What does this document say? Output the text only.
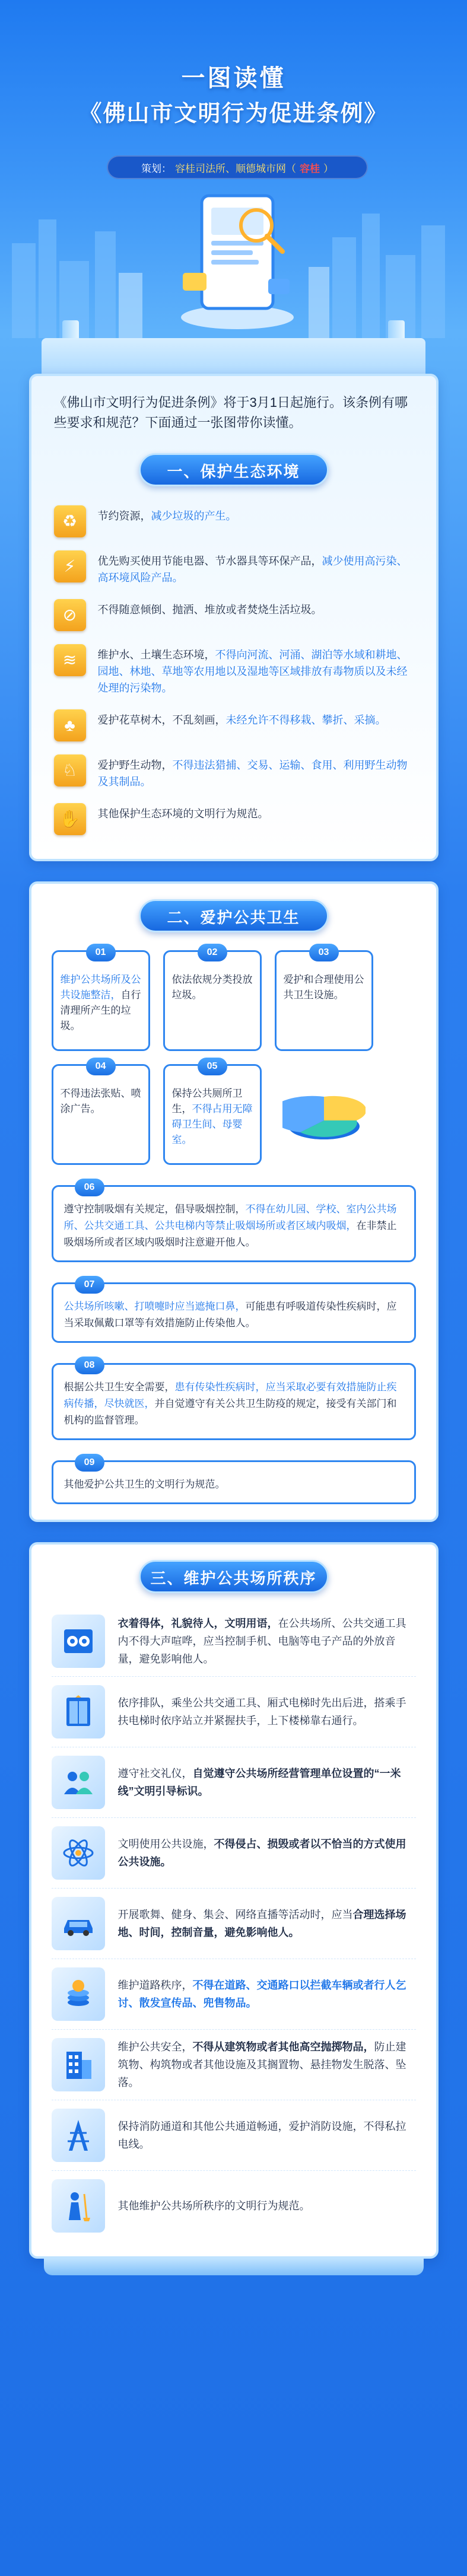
一图读懂
《佛山市文明行为促进条例》
策划： 容桂司法所、顺德城市网（ 容桂 ）

《佛山市文明行为促进条例》将于3月1日起施行。该条例有哪些要求和规范？下面通过一张图带你读懂。

一、保护生态环境
♻	节约资源，减少垃圾的产生。
⚡	优先购买使用节能电器、节水器具等环保产品，减少使用高污染、高环境风险产品。
⊘	不得随意倾倒、抛洒、堆放或者焚烧生活垃圾。
≋	维护水、土壤生态环境，不得向河流、河涌、湖泊等水域和耕地、园地、林地、草地等农用地以及湿地等区域排放有毒物质以及未经处理的污染物。
♣	爱护花草树木，不乱刻画，未经允许不得移栽、攀折、采摘。
♘	爱护野生动物，不得违法猎捕、交易、运输、食用、利用野生动物及其制品。
✋	其他保护生态环境的文明行为规范。
二、爱护公共卫生
01
维护公共场所及公共设施整洁，自行清理所产生的垃圾。
02
依法依规分类投放垃圾。
03
爱护和合理使用公共卫生设施。
04
不得违法张贴、喷涂广告。
05
保持公共厕所卫生，不得占用无障碍卫生间、母婴室。
06
遵守控制吸烟有关规定，倡导吸烟控制，不得在幼儿园、学校、室内公共场所、公共交通工具、公共电梯内等禁止吸烟场所或者区域内吸烟，在非禁止吸烟场所或者区域内吸烟时注意避开他人。
07
公共场所咳嗽、打喷嚏时应当遮掩口鼻，可能患有呼吸道传染性疾病时，应当采取佩戴口罩等有效措施防止传染他人。
08
根据公共卫生安全需要，患有传染性疾病时，应当采取必要有效措施防止疾病传播，尽快就医，并自觉遵守有关公共卫生防疫的规定，接受有关部门和机构的监督管理。
09
其他爱护公共卫生的文明行为规范。
三、维护公共场所秩序
衣着得体，礼貌待人，文明用语，在公共场所、公共交通工具内不得大声喧哗，应当控制手机、电脑等电子产品的外放音量，避免影响他人。
依序排队，乘坐公共交通工具、厢式电梯时先出后进，搭乘手扶电梯时依序站立并紧握扶手，上下楼梯靠右通行。
遵守社交礼仪，自觉遵守公共场所经营管理单位设置的“一米线”文明引导标识。
文明使用公共设施，不得侵占、损毁或者以不恰当的方式使用公共设施。
开展歌舞、健身、集会、网络直播等活动时，应当合理选择场地、时间，控制音量，避免影响他人。
维护道路秩序，不得在道路、交通路口以拦截车辆或者行人乞讨、散发宣传品、兜售物品。
维护公共安全，不得从建筑物或者其他高空抛掷物品，防止建筑物、构筑物或者其他设施及其搁置物、悬挂物发生脱落、坠落。
保持消防通道和其他公共通道畅通，爱护消防设施，不得私拉电线。
其他维护公共场所秩序的文明行为规范。
